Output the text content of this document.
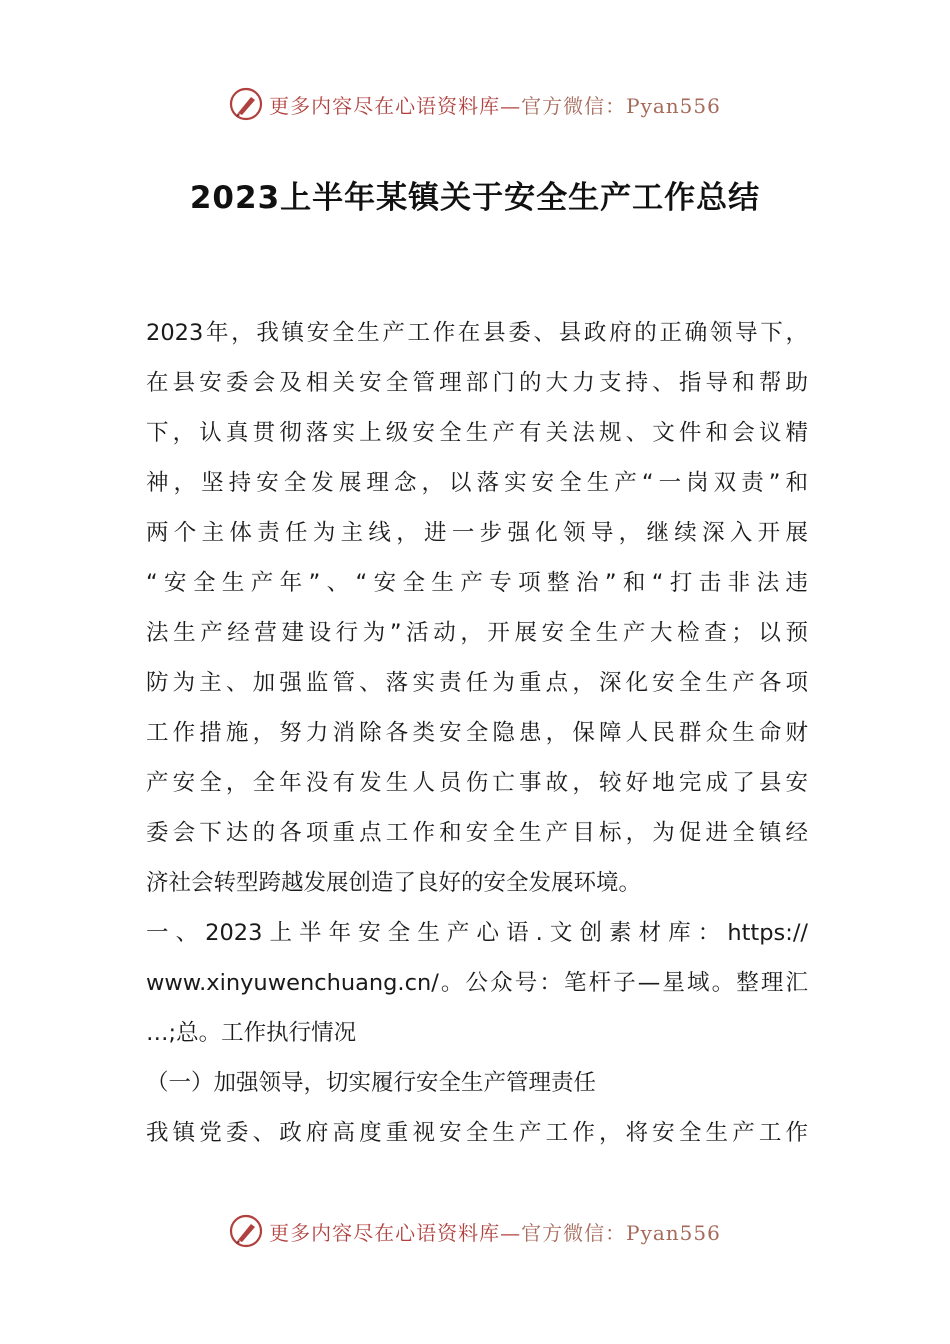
更多内容尽在心语资料库—官方微信：Pyan556
2023上半年某镇关于安全生产工作总结
2023年，我镇安全生产工作在县委、县政府的正确领导下，
在县安委会及相关安全管理部门的大力支持、指导和帮助
下，认真贯彻落实上级安全生产有关法规、文件和会议精
神，坚持安全发展理念，以落实安全生产“一岗双责”和
两个主体责任为主线，进一步强化领导，继续深入开展
“安全生产年”、“安全生产专项整治”和“打击非法违
法生产经营建设行为”活动，开展安全生产大检查；以预
防为主、加强监管、落实责任为重点，深化安全生产各项
工作措施，努力消除各类安全隐患，保障人民群众生命财
产安全，全年没有发生人员伤亡事故，较好地完成了县安
委会下达的各项重点工作和安全生产目标，为促进全镇经
济社会转型跨越发展创造了良好的安全发展环境。
一、2023上半年安全生产心语.文创素材库：https://
www.xinyuwenchuang.cn/。公众号：笔杆子—星域。整理汇
…;总。工作执行情况
（一）加强领导，切实履行安全生产管理责任
我镇党委、政府高度重视安全生产工作，将安全生产工作
更多内容尽在心语资料库—官方微信：Pyan556
